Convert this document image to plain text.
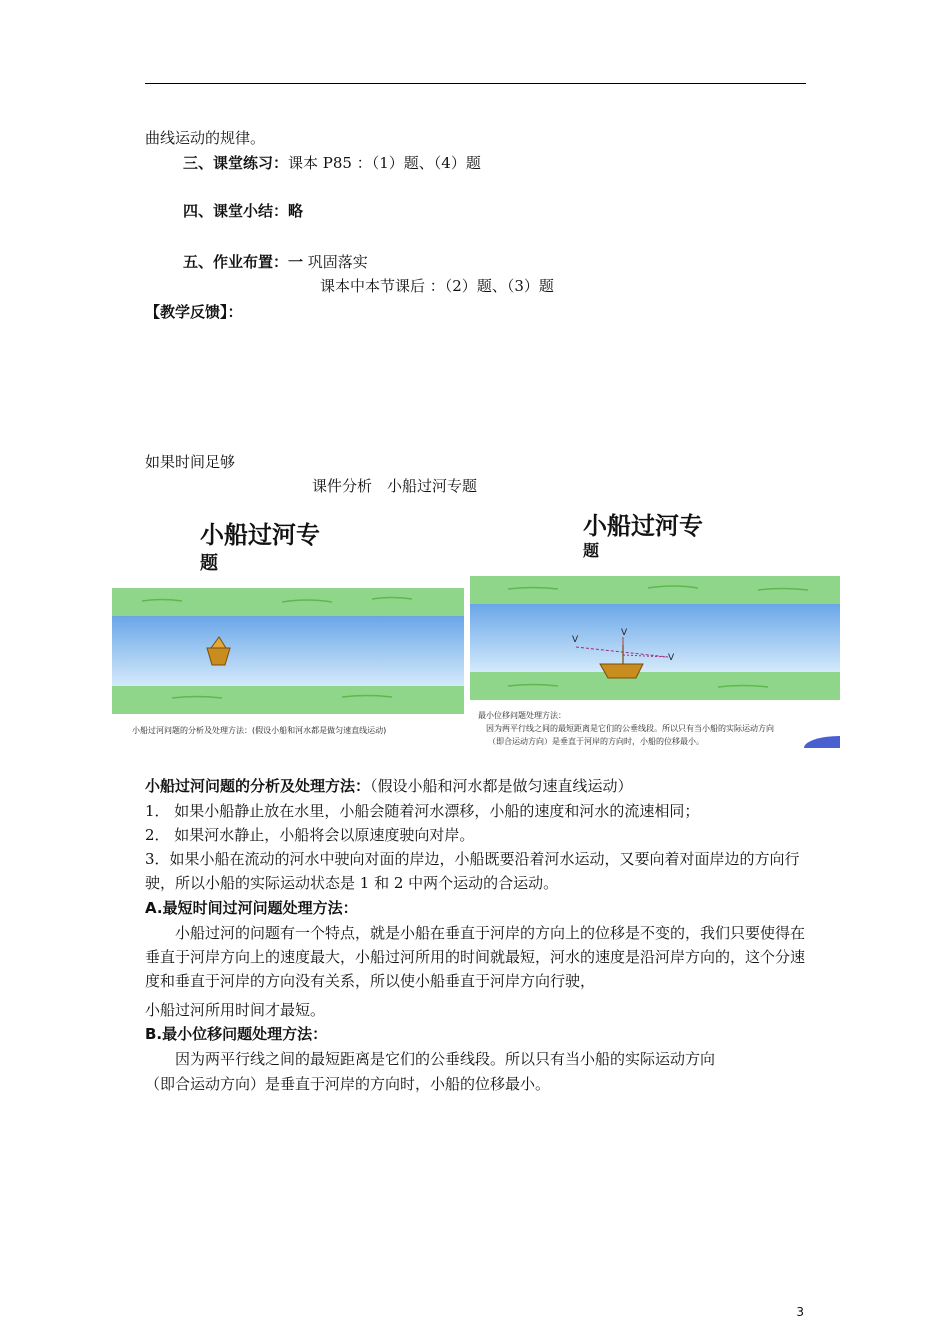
曲线运动的规律。
三、课堂练习：课本 P85 ：（1）题、（4）题
四、课堂小结：略
五、作业布置：一 巩固落实
课本中本节课后 ：（2）题、（3）题
【教学反馈】：
如果时间足够
课件分析　小船过河专题
小船过河专
题
小船过河问题的分析及处理方法：(假设小船和河水都是做匀速直线运动)
小船过河专
题
V
V
V
最小位移问题处理方法：
　因为两平行线之间的最短距离是它们的公垂线段。所以只有当小船的实际运动方向
（即合运动方向）是垂直于河岸的方向时，小船的位移最小。
小船过河问题的分析及处理方法：（假设小船和河水都是做匀速直线运动）
1． 如果小船静止放在水里，小船会随着河水漂移，小船的速度和河水的流速相同；
2． 如果河水静止，小船将会以原速度驶向对岸。
3．如果小船在流动的河水中驶向对面的岸边，小船既要沿着河水运动，又要向着对面岸边的方向行驶，所以小船的实际运动状态是 1 和 2 中两个运动的合运动。
A.最短时间过河问题处理方法：
　　小船过河的问题有一个特点，就是小船在垂直于河岸的方向上的位移是不变的，我们只要使得在垂直于河岸方向上的速度最大，小船过河所用的时间就最短，河水的速度是沿河岸方向的，这个分速度和垂直于河岸的方向没有关系，所以使小船垂直于河岸方向行驶，
小船过河所用时间才最短。
B.最小位移问题处理方法：
　　因为两平行线之间的最短距离是它们的公垂线段。所以只有当小船的实际运动方向
（即合运动方向）是垂直于河岸的方向时，小船的位移最小。
3
